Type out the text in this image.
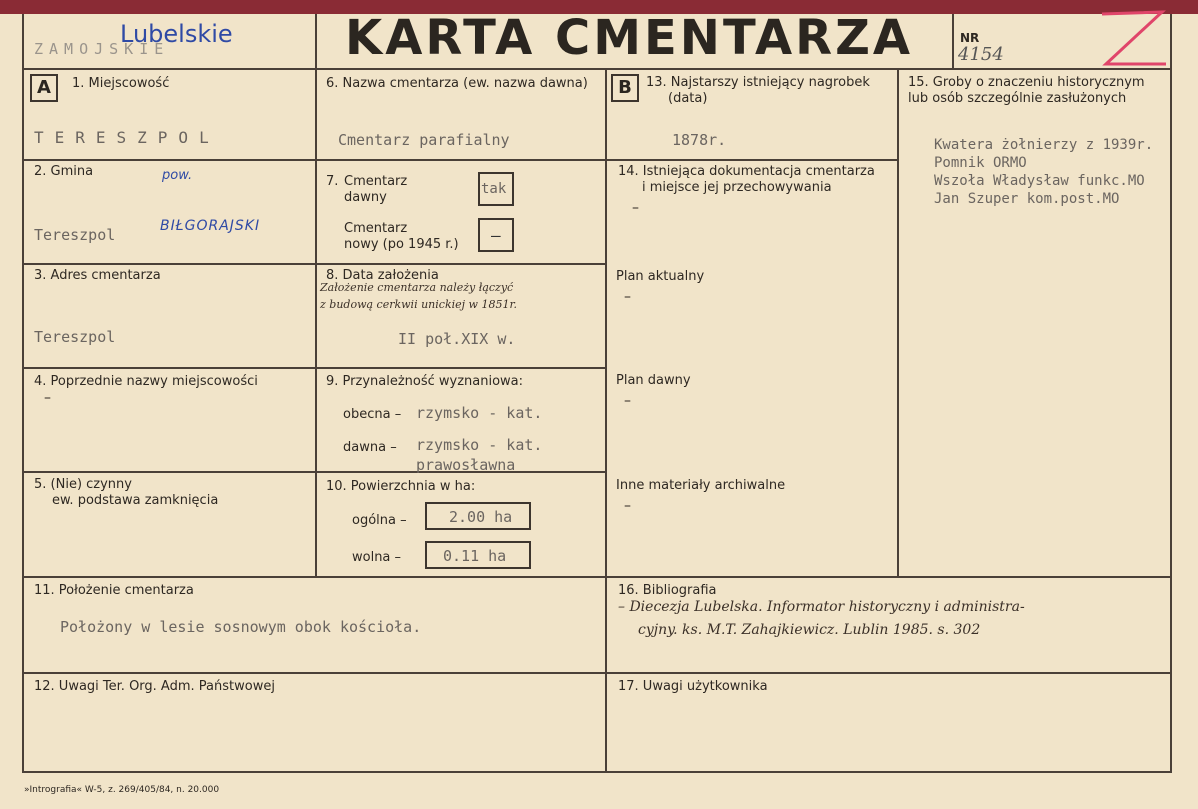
Lubelskie
ZAMOJSKIE	KARTA CMENTARZA	NR
4154
A	B
1. Miejscowość
TERESZPOL
2. Gmina	pow.
BIŁGORAJSKI
Tereszpol
3. Adres cmentarza
Tereszpol
4. Poprzednie nazwy miejscowości
–
5. (Nie) czynny
ew. podstawa zamknięcia
6. Nazwa cmentarza (ew. nazwa dawna)
Cmentarz parafialny
7. Cmentarz
dawny
tak
Cmentarz
nowy (po 1945 r.) –
8. Data założenia
Założenie cmentarza należy łączyć
z budową cerkwii unickiej w 1851r.
II poł.XIX w.
9. Przynależność wyznaniowa:
obecna – rzymsko - kat.
dawna – rzymsko - kat.
prawosławna
10. Powierzchnia w ha:
ogólna –	2.00 ha
wolna –	0.11 ha
11. Położenie cmentarza
Położony w lesie sosnowym obok kościoła.
12. Uwagi Ter. Org. Adm. Państwowej
13. Najstarszy istniejący nagrobek
(data)
1878r.
14. Istniejąca dokumentacja cmentarza
i miejsce jej przechowywania
–
Plan aktualny
–
Plan dawny
–
Inne materiały archiwalne
–
15. Groby o znaczeniu historycznym
lub osób szczególnie zasłużonych
Kwatera żołnierzy z 1939r.
Pomnik ORMO
Wszoła Władysław funkc.MO
Jan Szuper kom.post.MO
16. Bibliografia
– Diecezja Lubelska. Informator historyczny i administra-
cyjny. ks. M.T. Zahajkiewicz. Lublin 1985. s. 302
17. Uwagi użytkownika
»Intrografia« W-5, z. 269/405/84, n. 20.000
